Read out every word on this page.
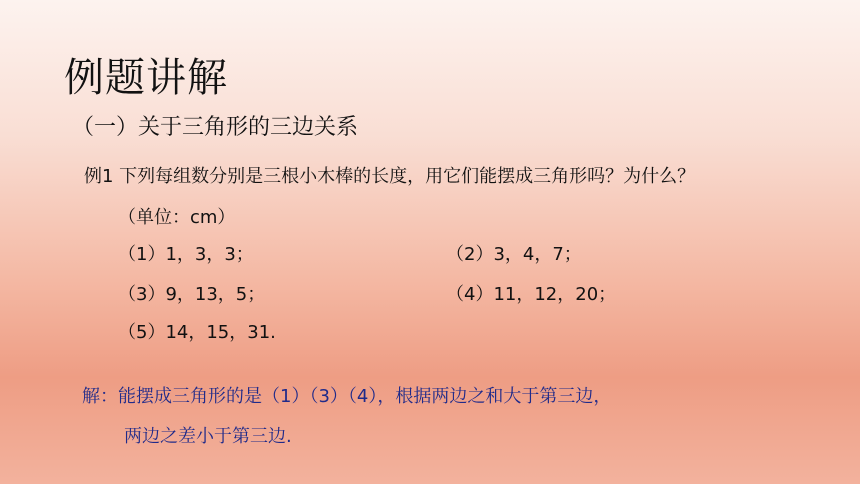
例题讲解
（一）关于三角形的三边关系
例1 下列每组数分别是三根小木棒的长度，用它们能摆成三角形吗？为什么？
（单位：cm）
（1）1，3，3；	（2）3，4，7；
（3）9，13，5；	（4）11，12，20；
（5）14，15，31.
解：能摆成三角形的是（1）（3）（4），根据两边之和大于第三边，
两边之差小于第三边.
